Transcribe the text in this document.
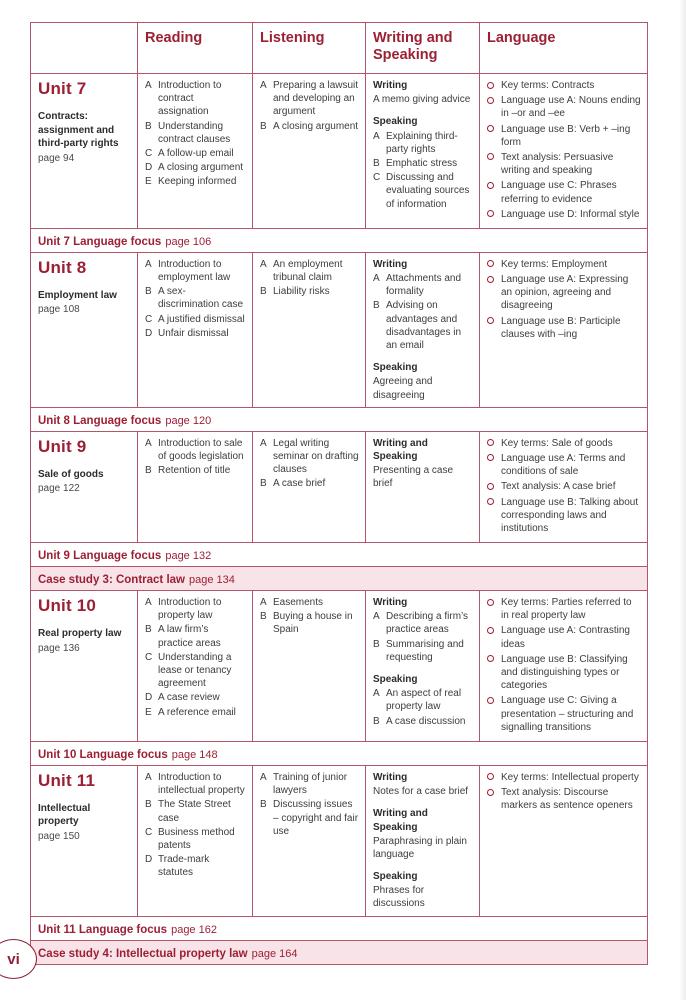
	Reading	Listening	Writing and Speaking	Language

Unit 7
Contracts: assignment and third-party rights
page 94

A Introduction to contract assignation
B Understanding contract clauses
C A follow-up email
D A closing argument
E Keeping informed

A Preparing a lawsuit and developing an argument
B A closing argument

Writing
A memo giving advice
Speaking
A Explaining third-party rights
B Emphatic stress
C Discussing and evaluating sources of information

Key terms: Contracts
Language use A: Nouns ending in –or and –ee
Language use B: Verb + –ing form
Text analysis: Persuasive writing and speaking
Language use C: Phrases referring to evidence
Language use D: Informal style

Unit 7 Language focus page 106				

Unit 8
Employment law
page 108

A Introduction to employment law
B A sex-discrimination case
C A justified dismissal
D Unfair dismissal

A An employment tribunal claim
B Liability risks

Writing
A Attachments and formality
B Advising on advantages and disadvantages in an email
Speaking
Agreeing and disagreeing

Key terms: Employment
Language use A: Expressing an opinion, agreeing and disagreeing
Language use B: Participle clauses with –ing

Unit 8 Language focus page 120				

Unit 9
Sale of goods
page 122

A Introduction to sale of goods legislation
B Retention of title

A Legal writing seminar on drafting clauses
B A case brief

Writing and Speaking
Presenting a case brief

Key terms: Sale of goods
Language use A: Terms and conditions of sale
Text analysis: A case brief
Language use B: Talking about corresponding laws and institutions

Unit 9 Language focus page 132				
Case study 3: Contract law page 134				

Unit 10
Real property law
page 136

A Introduction to property law
B A law firm’s practice areas
C Understanding a lease or tenancy agreement
D A case review
E A reference email

A Easements
B Buying a house in Spain

Writing
A Describing a firm’s practice areas
B Summarising and requesting
Speaking
A An aspect of real property law
B A case discussion

Key terms: Parties referred to in real property law
Language use A: Contrasting ideas
Language use B: Classifying and distinguishing types or categories
Language use C: Giving a presentation – structuring and signalling transitions

Unit 10 Language focus page 148				

Unit 11
Intellectual property
page 150

A Introduction to intellectual property
B The State Street case
C Business method patents
D Trade-mark statutes

A Training of junior lawyers
B Discussing issues – copyright and fair use

Writing
Notes for a case brief
Writing and Speaking
Paraphrasing in plain language
Speaking
Phrases for discussions

Key terms: Intellectual property
Text analysis: Discourse markers as sentence openers

Unit 11 Language focus page 162				
Case study 4: Intellectual property law page 164				
vi
